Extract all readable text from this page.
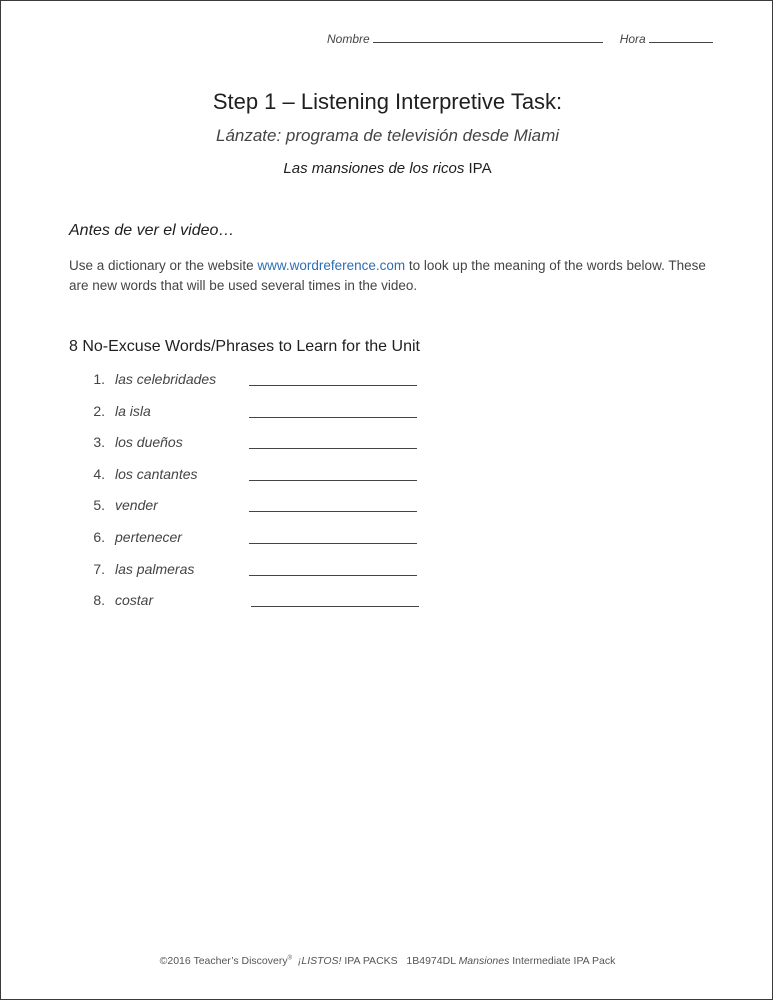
Nombre	Hora
Step 1 – Listening Interpretive Task:
Lánzate: programa de televisión desde Miami
Las mansiones de los ricos IPA
Antes de ver el video…
Use a dictionary or the website www.wordreference.com to look up the meaning of the words below. These are new words that will be used several times in the video.
8 No-Excuse Words/Phrases to Learn for the Unit
1. las celebridades
2. la isla
3. los dueños
4. los cantantes
5. vender
6. pertenecer
7. las palmeras
8. costar
©2016 Teacher’s Discovery® ¡LISTOS! IPA PACKS   1B4974DL Mansiones Intermediate IPA Pack
